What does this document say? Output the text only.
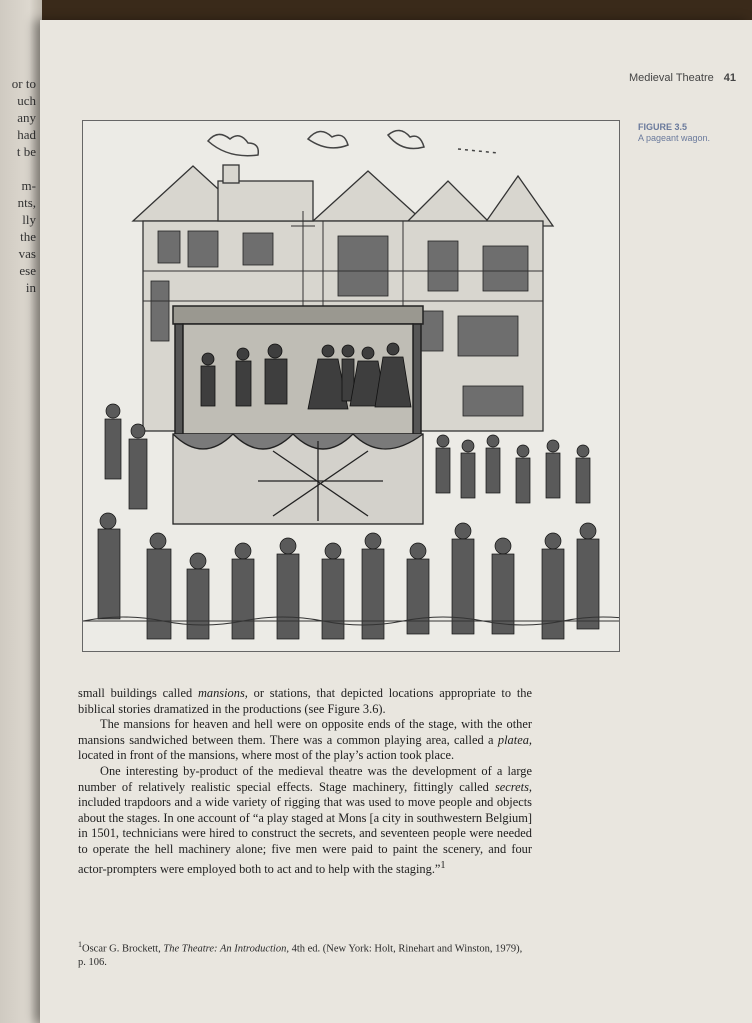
or to
uch
any
had
t be
m-
nts,
lly
the
vas
ese
in
Medieval Theatre 41
FIGURE 3.5
A pageant wagon.

small buildings called mansions, or stations, that depicted locations appropriate to the biblical stories dramatized in the productions (see Figure 3.6).

The mansions for heaven and hell were on opposite ends of the stage, with the other mansions sandwiched between them. There was a common playing area, called a platea, located in front of the mansions, where most of the play’s action took place.

One interesting by-product of the medieval theatre was the development of a large number of relatively realistic special effects. Stage machinery, fittingly called secrets, included trapdoors and a wide variety of rigging that was used to move people and objects about the stages. In one account of “a play staged at Mons [a city in southwestern Belgium] in 1501, technicians were hired to construct the secrets, and seventeen people were needed to operate the hell machinery alone; five men were paid to paint the scenery, and four actor-prompters were employed both to act and to help with the staging.”$^1$

$^1$Oscar G. Brockett, The Theatre: An Introduction, 4th ed. (New York: Holt, Rinehart and Winston, 1979), p. 106.
